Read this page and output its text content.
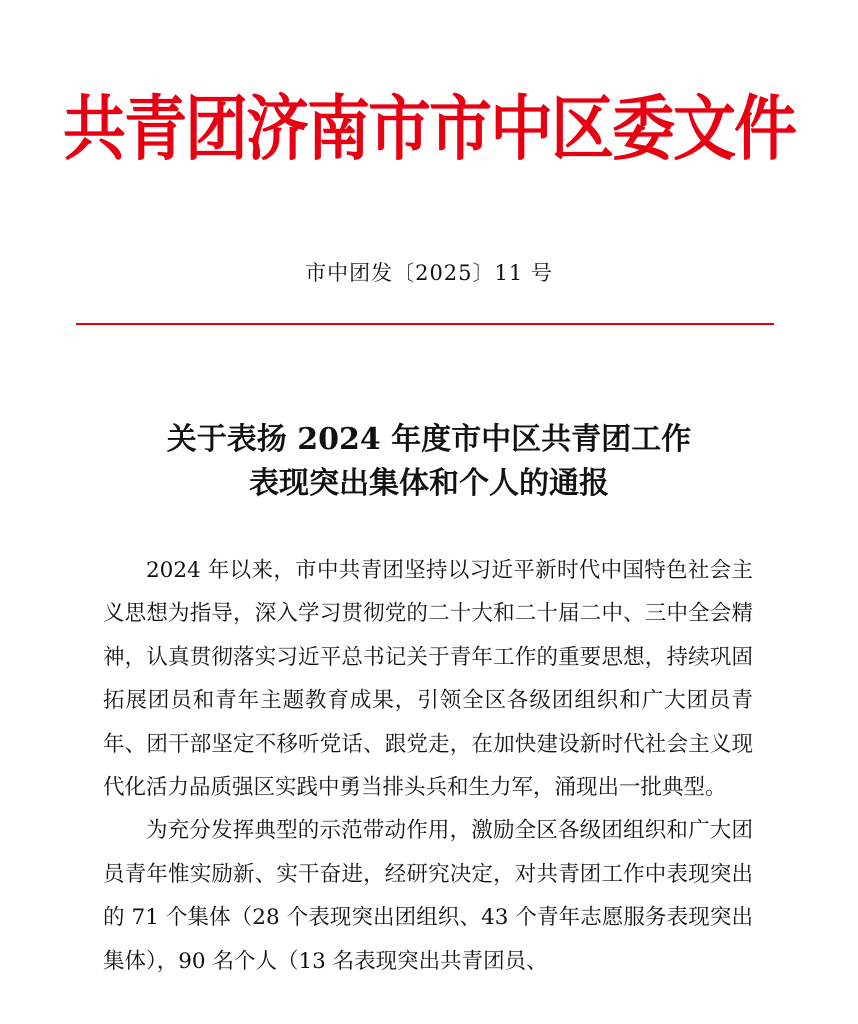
共青团济南市市中区委文件
市中团发〔2025〕11 号
关于表扬 2024 年度市中区共青团工作
表现突出集体和个人的通报

2024 年以来，市中共青团坚持以习近平新时代中国特色社会主义思想为指导，深入学习贯彻党的二十大和二十届二中、三中全会精神，认真贯彻落实习近平总书记关于青年工作的重要思想，持续巩固拓展团员和青年主题教育成果，引领全区各级团组织和广大团员青年、团干部坚定不移听党话、跟党走，在加快建设新时代社会主义现代化活力品质强区实践中勇当排头兵和生力军，涌现出一批典型。

为充分发挥典型的示范带动作用，激励全区各级团组织和广大团员青年惟实励新、实干奋进，经研究决定，对共青团工作中表现突出的 71 个集体（28 个表现突出团组织、43 个青年志愿服务表现突出集体），90 名个人（13 名表现突出共青团员、
